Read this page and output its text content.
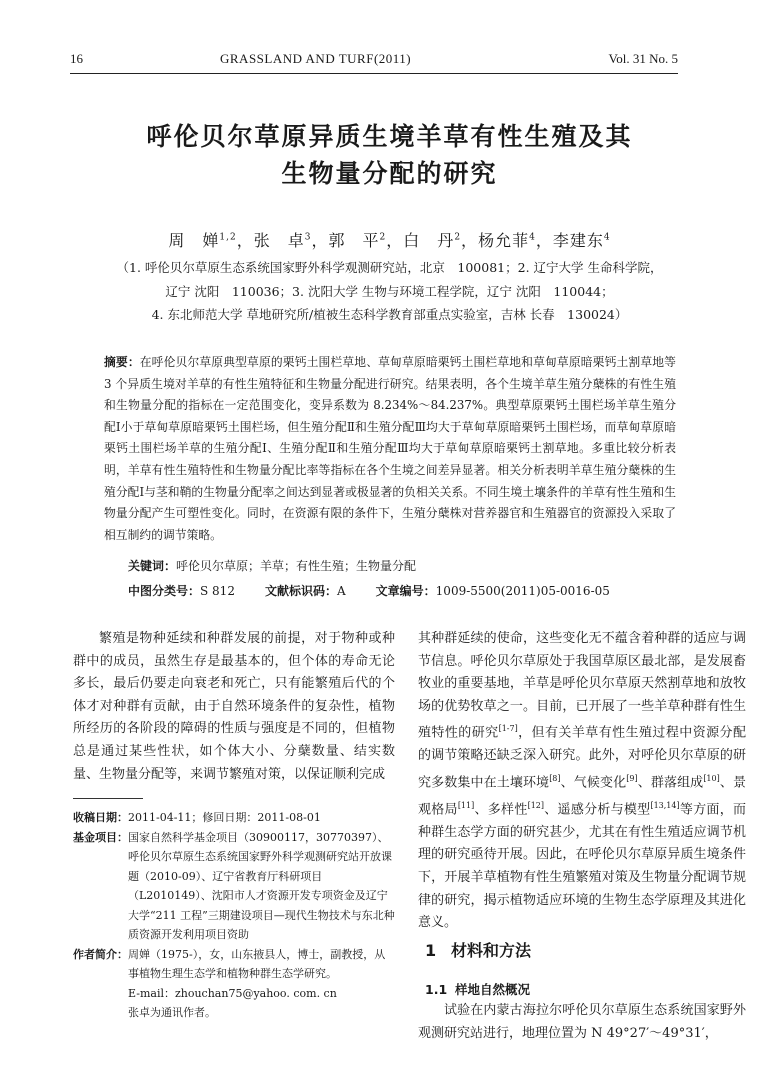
16	GRASSLAND AND TURF(2011)	Vol. 31 No. 5
呼伦贝尔草原异质生境羊草有性生殖及其
生物量分配的研究
周　婵$^{1,2}$，张　卓$^3$，郭　平$^2$，白　丹$^2$，杨允菲$^4$，李建东$^4$
（1. 呼伦贝尔草原生态系统国家野外科学观测研究站，北京　100081；2. 辽宁大学 生命科学院，
辽宁 沈阳　110036；3. 沈阳大学 生物与环境工程学院，辽宁 沈阳　110044；
4. 东北师范大学 草地研究所/植被生态科学教育部重点实验室，吉林 长春　130024）
摘要：在呼伦贝尔草原典型草原的栗钙土围栏草地、草甸草原暗栗钙土围栏草地和草甸草原暗栗钙土割草地等 3 个异质生境对羊草的有性生殖特征和生物量分配进行研究。结果表明，各个生境羊草生殖分蘖株的有性生殖和生物量分配的指标在一定范围变化，变异系数为 8.234%～84.237%。典型草原栗钙土围栏场羊草生殖分配Ⅰ小于草甸草原暗栗钙土围栏场，但生殖分配Ⅱ和生殖分配Ⅲ均大于草甸草原暗栗钙土围栏场，而草甸草原暗栗钙土围栏场羊草的生殖分配Ⅰ、生殖分配Ⅱ和生殖分配Ⅲ均大于草甸草原暗栗钙土割草地。多重比较分析表明，羊草有性生殖特性和生物量分配比率等指标在各个生境之间差异显著。相关分析表明羊草生殖分蘖株的生殖分配Ⅰ与茎和鞘的生物量分配率之间达到显著或极显著的负相关关系。不同生境土壤条件的羊草有性生殖和生物量分配产生可塑性变化。同时，在资源有限的条件下，生殖分蘖株对营养器官和生殖器官的资源投入采取了相互制约的调节策略。
关键词：呼伦贝尔草原；羊草；有性生殖；生物量分配
中图分类号：S 812	文献标识码：A	文章编号：1009-5500(2011)05-0016-05

繁殖是物种延续和种群发展的前提，对于物种或种群中的成员，虽然生存是最基本的，但个体的寿命无论多长，最后仍要走向衰老和死亡，只有能繁殖后代的个体才对种群有贡献，由于自然环境条件的复杂性，植物所经历的各阶段的障碍的性质与强度是不同的，但植物总是通过某些性状，如个体大小、分蘖数量、结实数量、生物量分配等，来调节繁殖对策，以保证顺利完成

收稿日期： 2011-04-11；修回日期：2011-08-01
基金项目： 国家自然科学基金项目（30900117，30770397）、呼伦贝尔草原生态系统国家野外科学观测研究站开放课题（2010-09）、辽宁省教育厅科研项目（L2010149）、沈阳市人才资源开发专项资金及辽宁大学“211 工程”三期建设项目—现代生物技术与东北种质资源开发利用项目资助
作者简介： 周婵（1975-），女，山东掖县人，博士，副教授，从事植物生理生态学和植物种群生态学研究。
E-mail：zhouchan75@yahoo. com. cn
张卓为通讯作者。

其种群延续的使命，这些变化无不蕴含着种群的适应与调节信息。呼伦贝尔草原处于我国草原区最北部，是发展畜牧业的重要基地，羊草是呼伦贝尔草原天然割草地和放牧场的优势牧草之一。目前，已开展了一些羊草种群有性生殖特性的研究[1-7]，但有关羊草有性生殖过程中资源分配的调节策略还缺乏深入研究。此外，对呼伦贝尔草原的研究多数集中在土壤环境[8]、气候变化[9]、群落组成[10]、景观格局[11]、多样性[12]、遥感分析与模型[13,14]等方面，而种群生态学方面的研究甚少，尤其在有性生殖适应调节机理的研究亟待开展。因此，在呼伦贝尔草原异质生境条件下，开展羊草植物有性生殖繁殖对策及生物量分配调节规律的研究，揭示植物适应环境的生物生态学原理及其进化意义。

1 材料和方法
1.1 样地自然概况

试验在内蒙古海拉尔呼伦贝尔草原生态系统国家野外观测研究站进行，地理位置为 N 49°27′～49°31′，
